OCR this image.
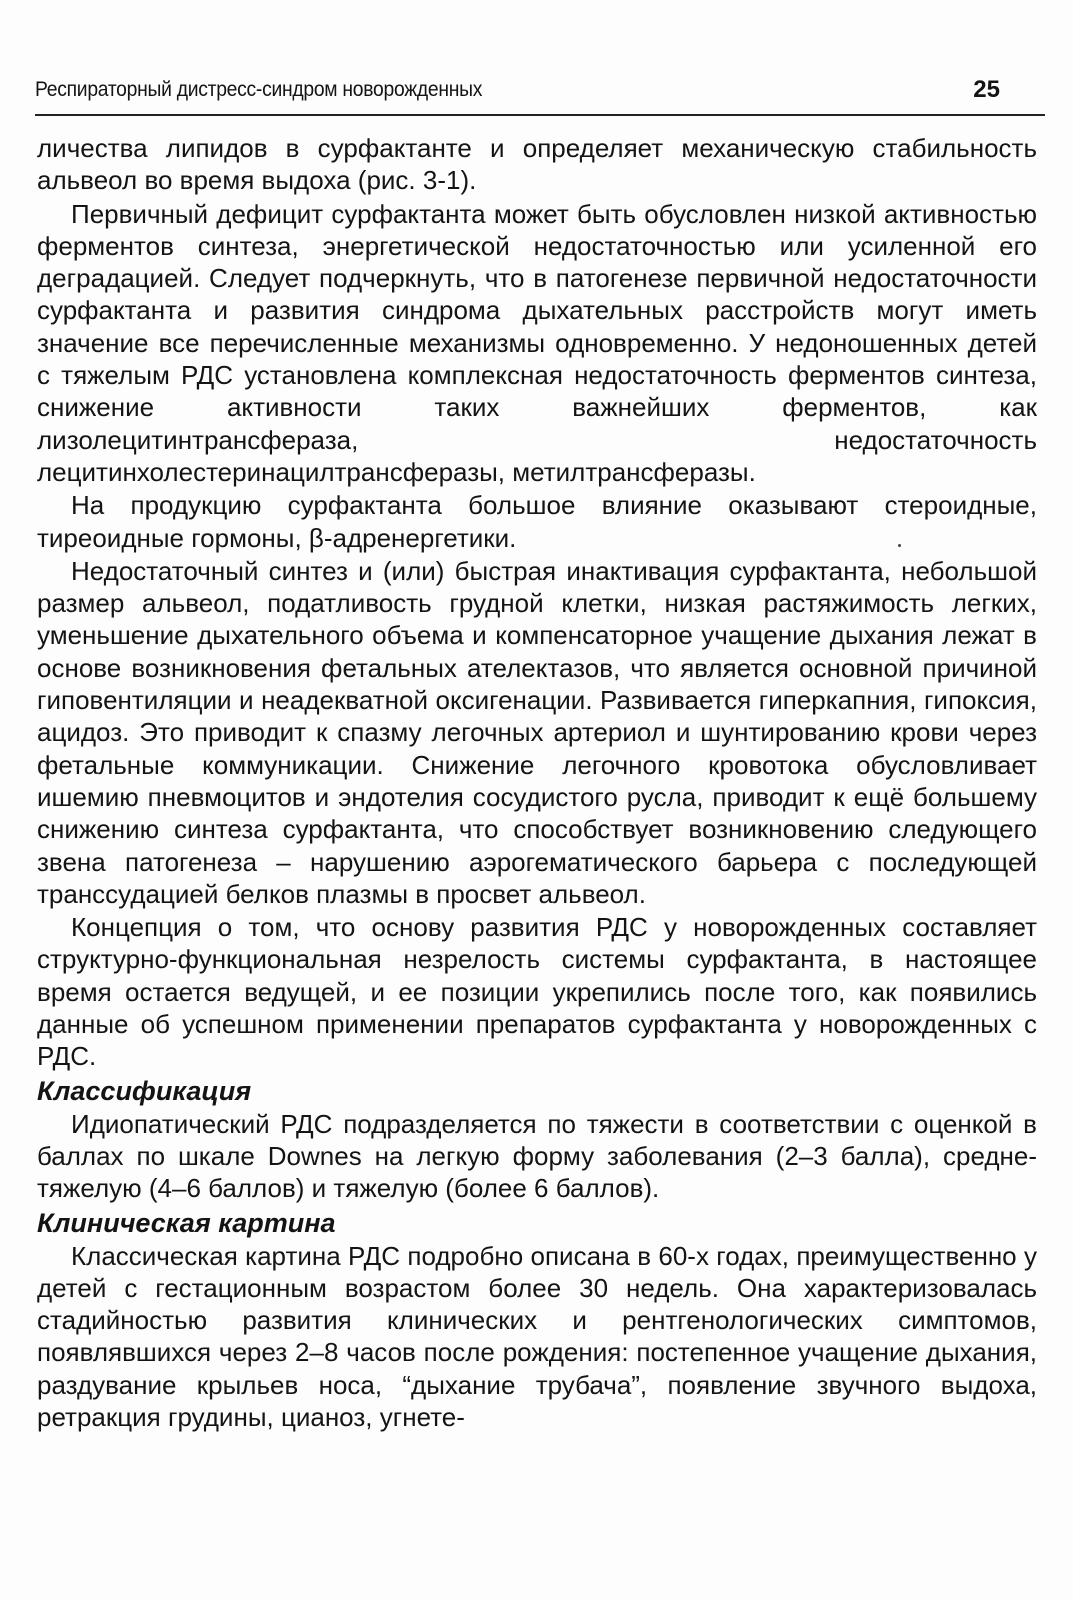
Респираторный дистресс-синдром новорожденных	25

личества липидов в сурфактанте и определяет механическую стабильность альвеол во время выдоха (рис. 3-1).

Первичный дефицит сурфактанта может быть обусловлен низкой активностью ферментов синтеза, энергетической недостаточностью или усиленной его деградацией. Следует подчеркнуть, что в патогенезе первичной недостаточности сурфактанта и развития синдрома дыхательных расстройств могут иметь значение все перечисленные механизмы одновременно. У недоношенных детей с тяжелым РДС установлена комплексная недостаточность ферментов синтеза, снижение активности таких важнейших ферментов, как лизолецитинтрансфераза, недостаточность лецитинхолестеринацилтрансферазы, метилтрансферазы.

На продукцию сурфактанта большое влияние оказывают стероидные, тиреоидные гормоны, β-адренергетики.

Недостаточный синтез и (или) быстрая инактивация сурфактанта, небольшой размер альвеол, податливость грудной клетки, низкая растяжимость легких, уменьшение дыхательного объема и компенсаторное учащение дыхания лежат в основе возникновения фетальных ателектазов, что является основной причиной гиповентиляции и неадекватной оксигенации. Развивается гиперкапния, гипоксия, ацидоз. Это приводит к спазму легочных артериол и шунтированию крови через фетальные коммуникации. Снижение легочного кровотока обусловливает ишемию пневмоцитов и эндотелия сосудистого русла, приводит к ещё большему снижению синтеза сурфактанта, что способствует возникновению следующего звена патогенеза – нарушению аэрогематического барьера с последующей транссудацией белков плазмы в просвет альвеол.

Концепция о том, что основу развития РДС у новорожденных составляет структурно-функциональная незрелость системы сурфактанта, в настоящее время остается ведущей, и ее позиции укрепились после того, как появились данные об успешном применении препаратов сурфактанта у новорожденных с РДС.

Классификация

Идиопатический РДС подразделяется по тяжести в соответствии с оценкой в баллах по шкале Downes на легкую форму заболевания (2–3 балла), средне-тяжелую (4–6 баллов) и тяжелую (более 6 баллов).

Клиническая картина

Классическая картина РДС подробно описана в 60-х годах, преимущественно у детей с гестационным возрастом более 30 недель. Она характеризовалась стадийностью развития клинических и рентгенологических симптомов, появлявшихся через 2–8 часов после рождения: постепенное учащение дыхания, раздувание крыльев носа, “дыхание трубача”, появление звучного выдоха, ретракция грудины, цианоз, угнете-
